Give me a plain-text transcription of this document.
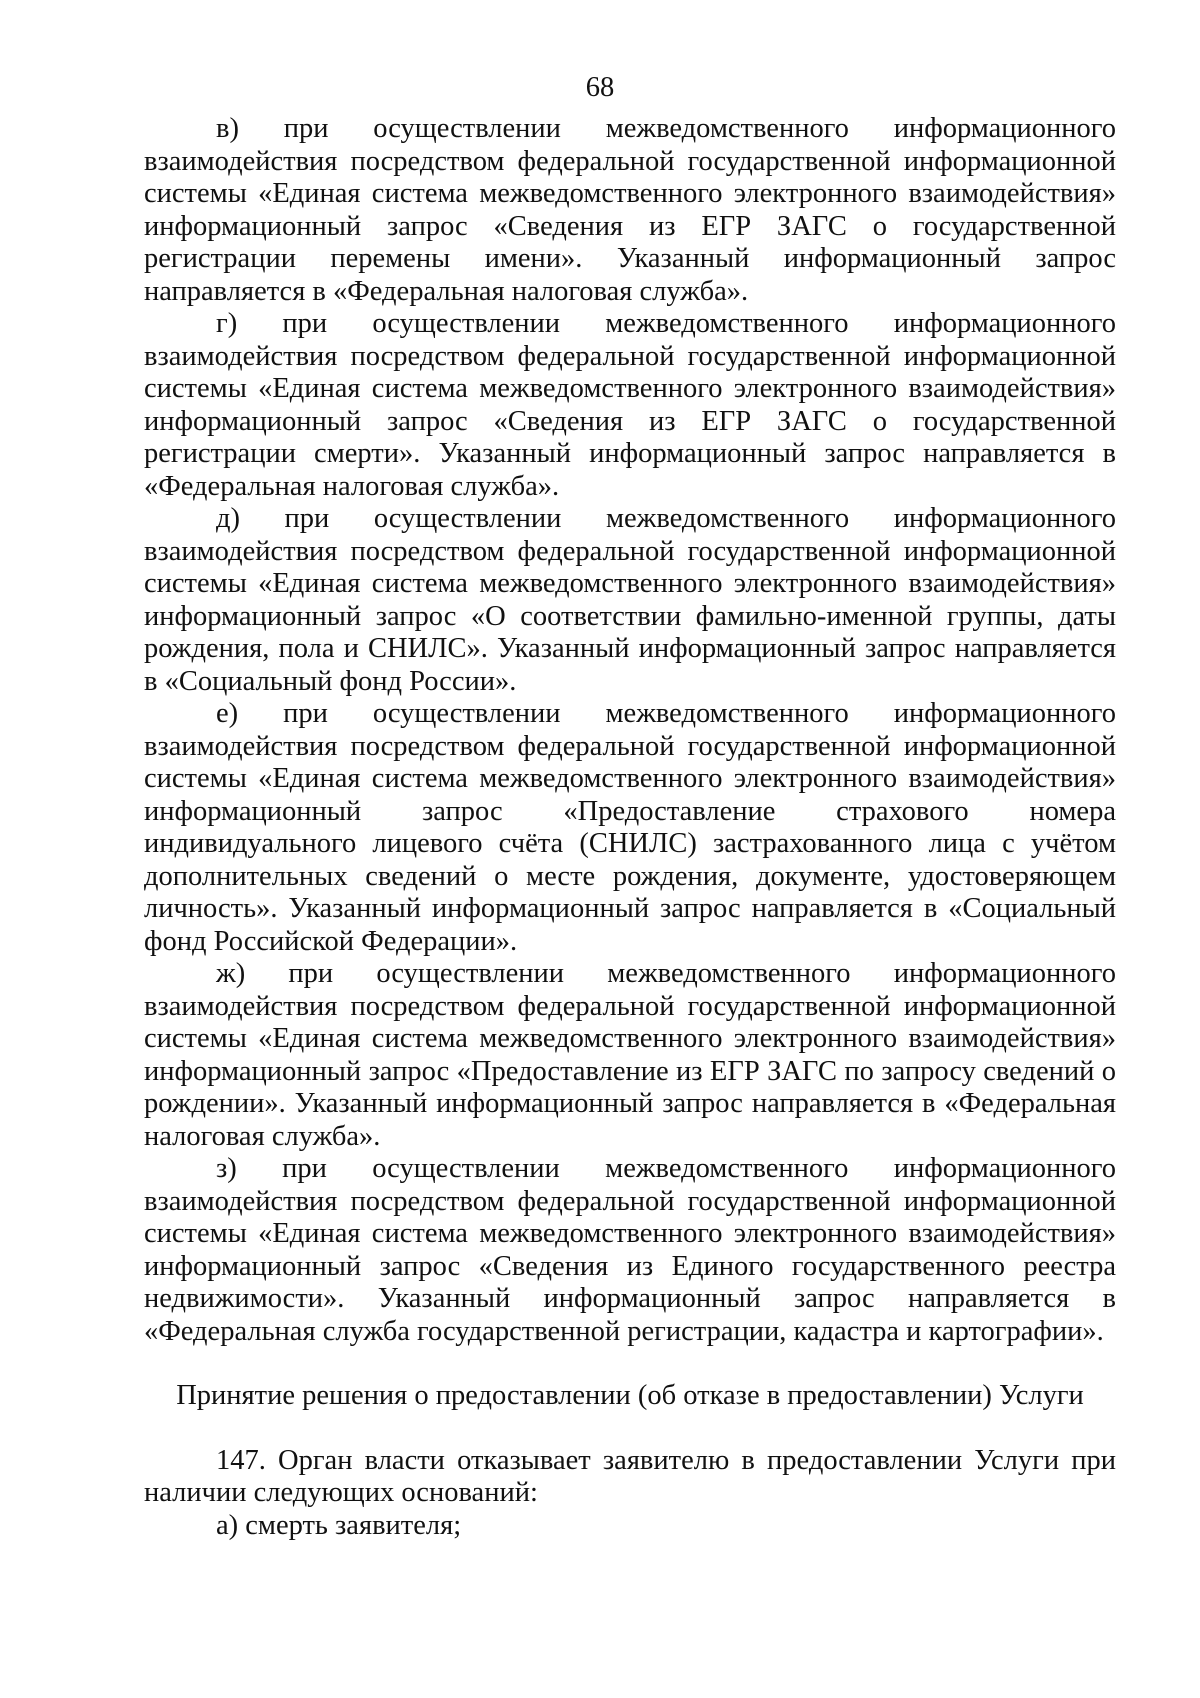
68

в) при осуществлении межведомственного информационного взаимодействия посредством федеральной государственной информационной системы «Единая система межведомственного электронного взаимодействия» информационный запрос «Сведения из ЕГР ЗАГС о государственной регистрации перемены имени». Указанный информационный запрос направляется в «Федеральная налоговая служба».

г) при осуществлении межведомственного информационного взаимодействия посредством федеральной государственной информационной системы «Единая система межведомственного электронного взаимодействия» информационный запрос «Сведения из ЕГР ЗАГС о государственной регистрации смерти». Указанный информационный запрос направляется в «Федеральная налоговая служба».

д) при осуществлении межведомственного информационного взаимодействия посредством федеральной государственной информационной системы «Единая система межведомственного электронного взаимодействия» информационный запрос «О соответствии фамильно-именной группы, даты рождения, пола и СНИЛС». Указанный информационный запрос направляется в «Социальный фонд России».

е) при осуществлении межведомственного информационного взаимодействия посредством федеральной государственной информационной системы «Единая система межведомственного электронного взаимодействия» информационный запрос «Предоставление страхового номера индивидуального лицевого счёта (СНИЛС) застрахованного лица с учётом дополнительных сведений о месте рождения, документе, удостоверяющем личность». Указанный информационный запрос направляется в «Социальный фонд Российской Федерации».

ж) при осуществлении межведомственного информационного взаимодействия посредством федеральной государственной информационной системы «Единая система межведомственного электронного взаимодействия» информационный запрос «Предоставление из ЕГР ЗАГС по запросу сведений о рождении». Указанный информационный запрос направляется в «Федеральная налоговая служба».

з) при осуществлении межведомственного информационного взаимодействия посредством федеральной государственной информационной системы «Единая система межведомственного электронного взаимодействия» информационный запрос «Сведения из Единого государственного реестра недвижимости». Указанный информационный запрос направляется в «Федеральная служба государственной регистрации, кадастра и картографии».

Принятие решения о предоставлении (об отказе в предоставлении) Услуги

147. Орган власти отказывает заявителю в предоставлении Услуги при наличии следующих оснований:

а) смерть заявителя;
